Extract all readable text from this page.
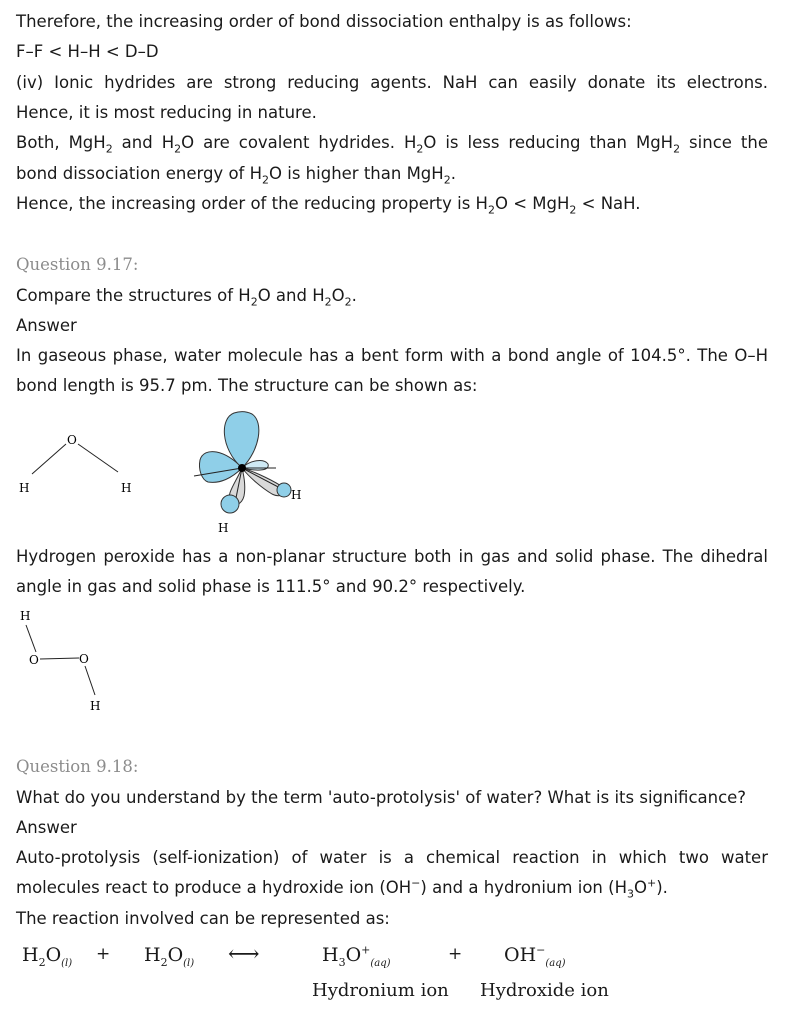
Therefore, the increasing order of bond dissociation enthalpy is as follows:
F–F < H–H < D–D
(iv) Ionic hydrides are strong reducing agents. NaH can easily donate its electrons.
Hence, it is most reducing in nature.
Both, MgH$_2$ and $H_2O$ are covalent hydrides. $H_2O$ is less reducing than MgH$_2$ since the
bond dissociation energy of $H_2O$ is higher than MgH$_2$.
Hence, the increasing order of the reducing property is $H_2O < MgH_2$ < NaH.
Question 9.17:
Compare the structures of $H_2O$ and $H_2O_2$.
Answer
In gaseous phase, water molecule has a bent form with a bond angle of 104.5°. The O–H
bond length is 95.7 pm. The structure can be shown as:
O
H	H	H
H
Hydrogen peroxide has a non-planar structure both in gas and solid phase. The dihedral
angle in gas and solid phase is 111.5° and 90.2° respectively.
H
O	O
H
Question 9.18:
What do you understand by the term 'auto-protolysis' of water? What is its significance?
Answer
Auto-protolysis (self-ionization) of water is a chemical reaction in which two water
molecules react to produce a hydroxide ion (OH−) and a hydronium ion $(H_3O^+)$.
The reaction involved can be represented as:
$H_2O_{(l)} + H_2O_{(l)}$ ⟷	$H_3O^+_{(aq)}$	+ $OH^-_{(aq)}$
Hydronium ion Hydroxide ion
